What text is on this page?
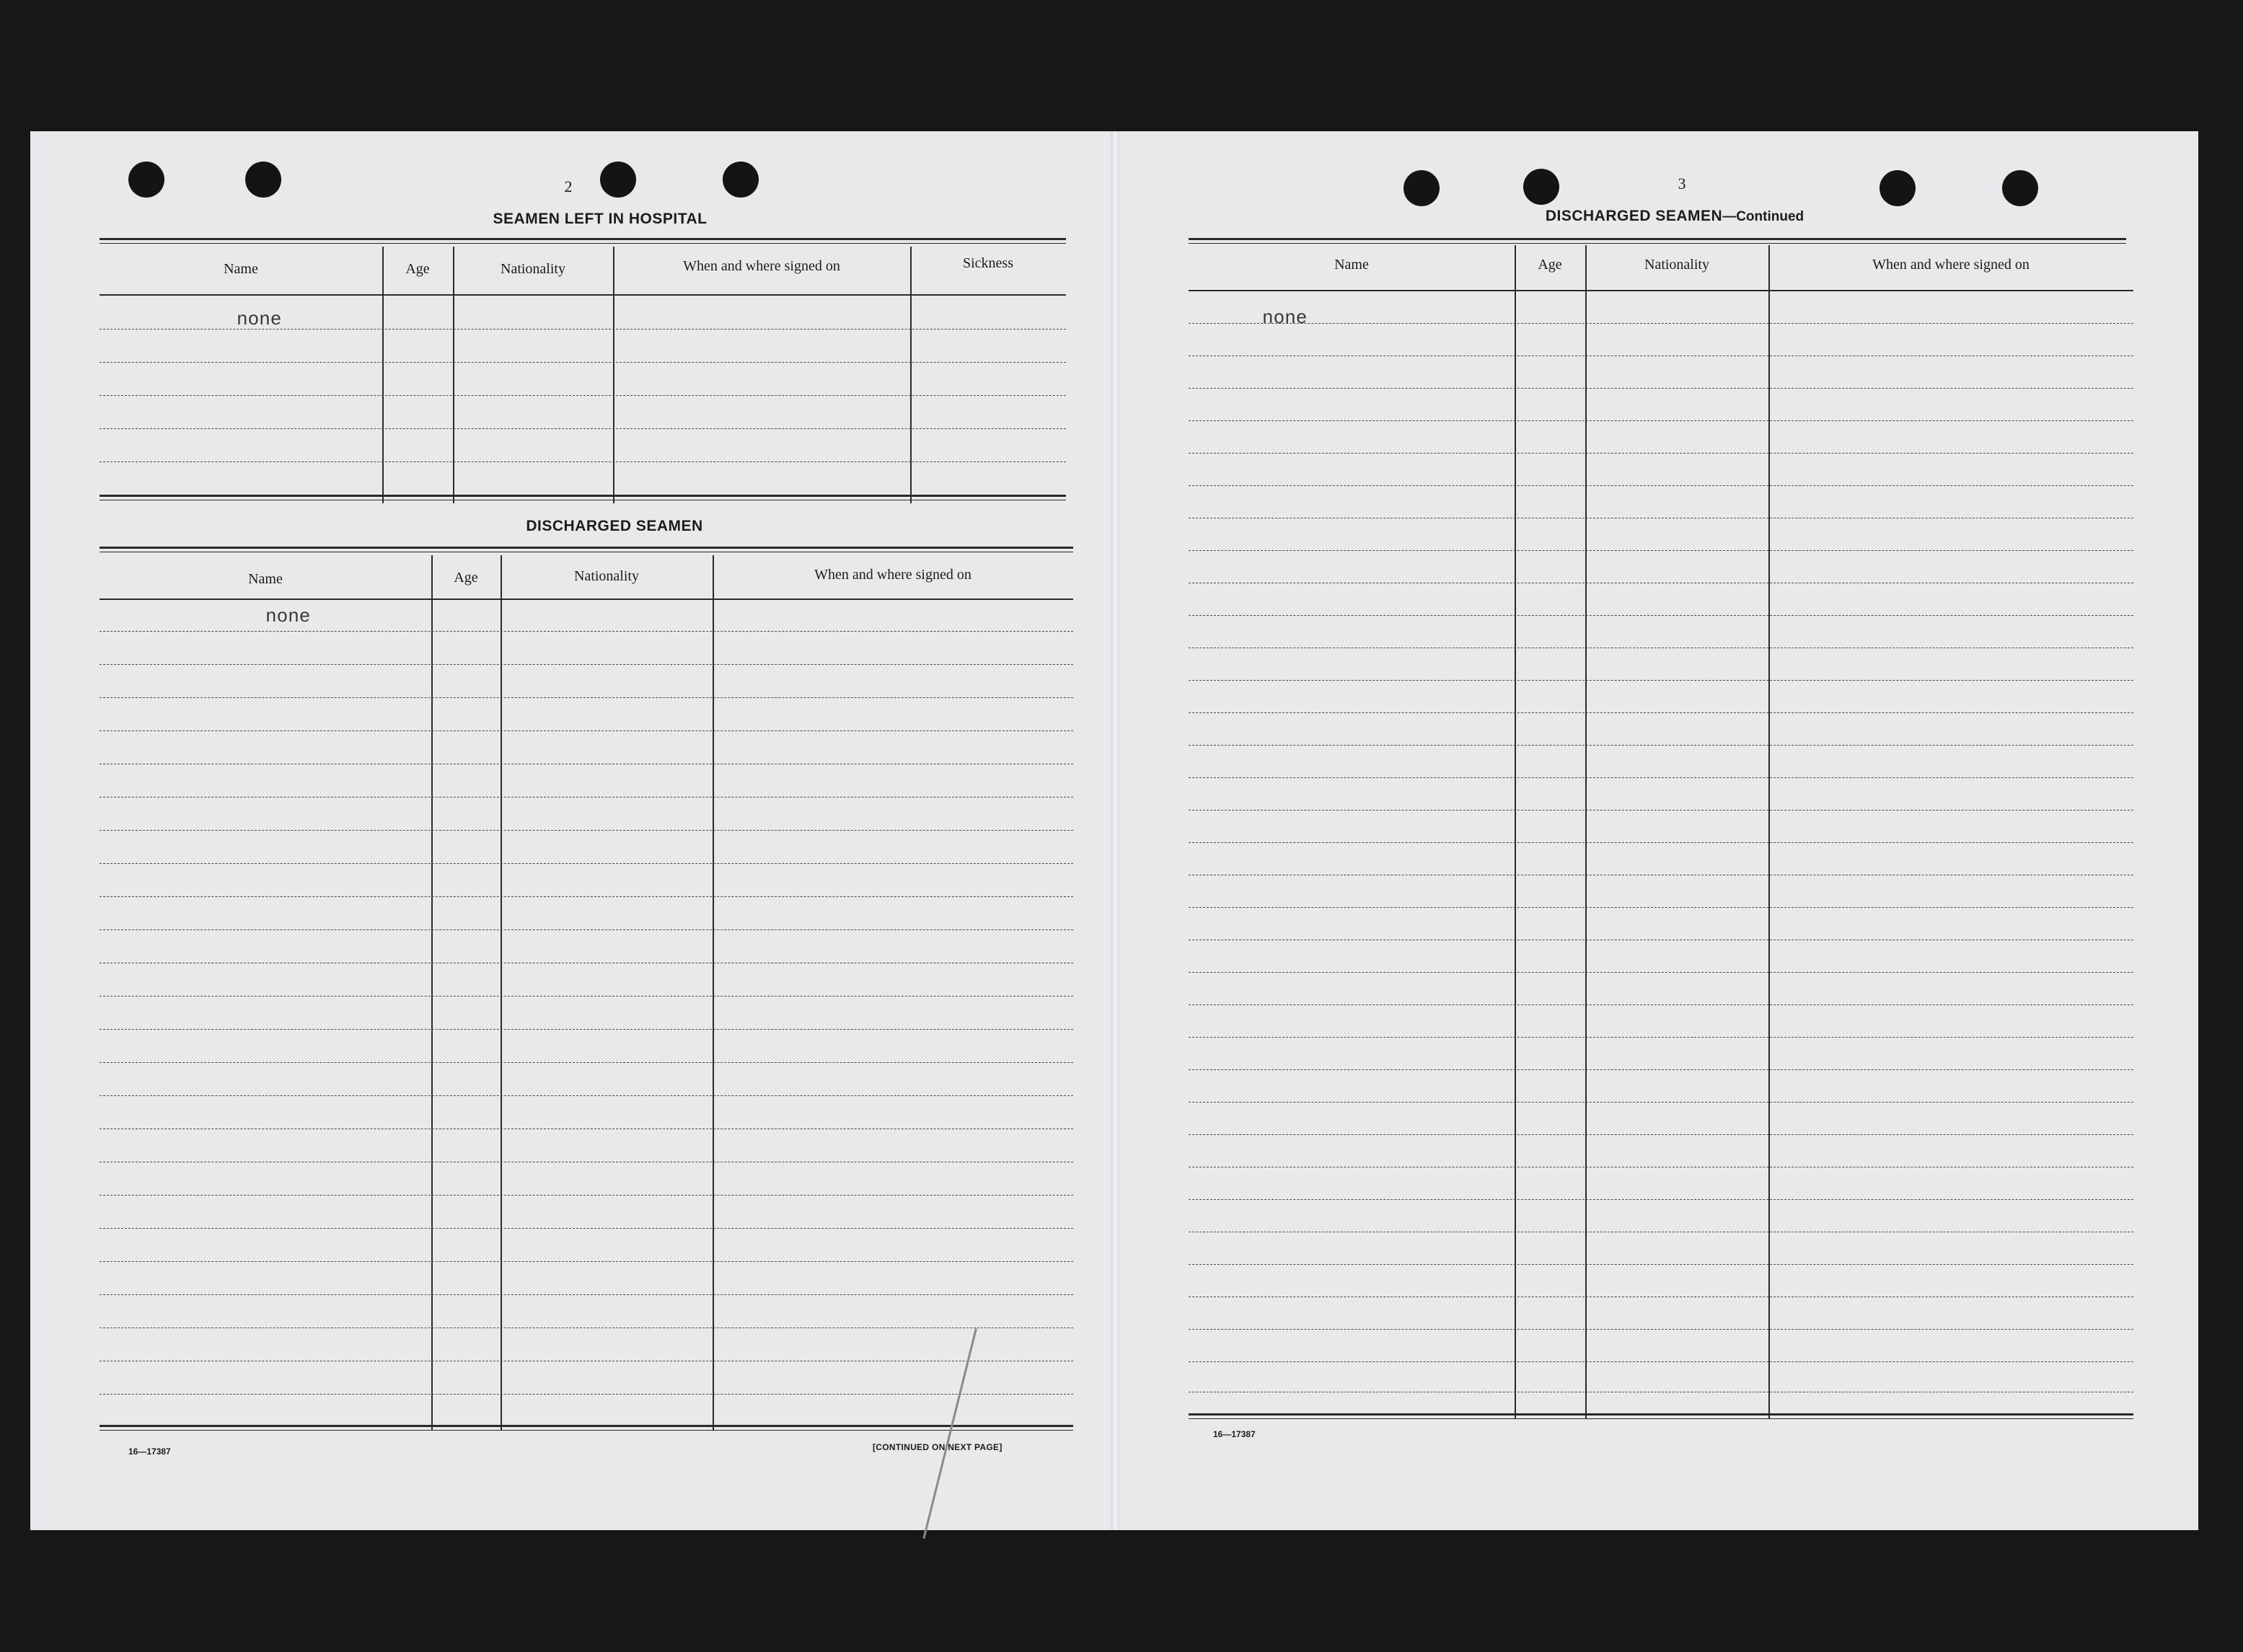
2
SEAMEN LEFT IN HOSPITAL
Name	Age	Nationality	When and where signed on	Sickness
none
DISCHARGED SEAMEN
Name	Age	Nationality	When and where signed on
none
16—17387	[CONTINUED ON NEXT PAGE]
3
DISCHARGED SEAMEN—Continued
Name	Age	Nationality	When and where signed on
none
16—17387
